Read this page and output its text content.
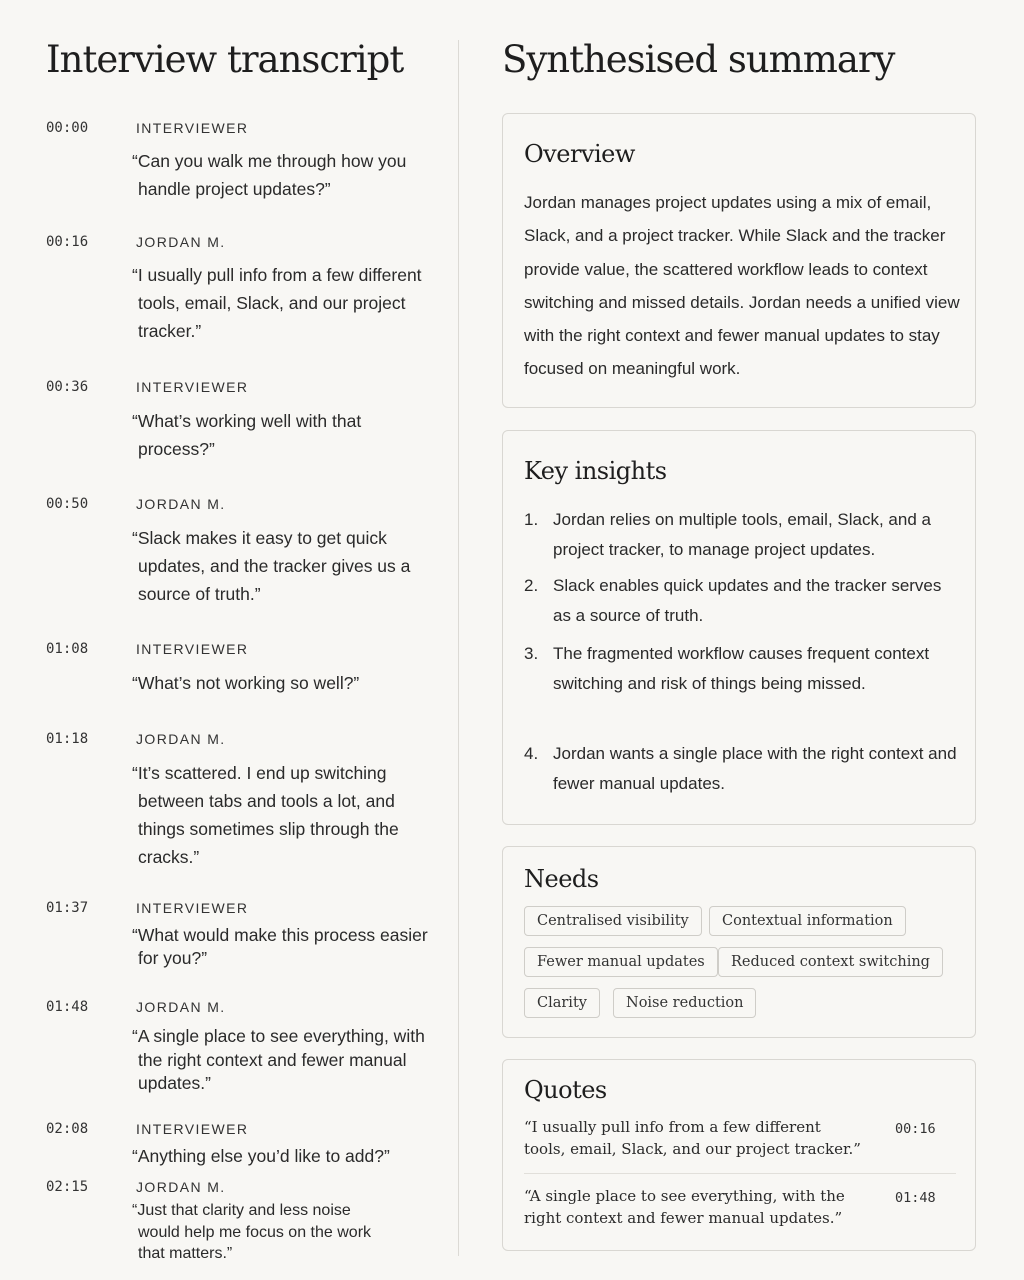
Interview transcript	Synthesised summary
00:00	INTERVIEWER
“Can you walk me through how you handle project updates?”
00:16	JORDAN M.
“I usually pull info from a few different tools, email, Slack, and our project tracker.”
00:36	INTERVIEWER
“What’s working well with that process?”
00:50	JORDAN M.
“Slack makes it easy to get quick updates, and the tracker gives us a source of truth.”
01:08	INTERVIEWER
“What’s not working so well?”
01:18	JORDAN M.
“It’s scattered. I end up switching between tabs and tools a lot, and things sometimes slip through the cracks.”
01:37	INTERVIEWER
“What would make this process easier for you?”
01:48	JORDAN M.
“A single place to see everything, with the right context and fewer manual updates.”
02:08	INTERVIEWER
“Anything else you’d like to add?”
02:15	JORDAN M.
“Just that clarity and less noise would help me focus on the work that matters.”
Overview

Jordan manages project updates using a mix of email, Slack, and a project tracker. While Slack and the tracker provide value, the scattered workflow leads to context switching and missed details. Jordan needs a unified view with the right context and fewer manual updates to stay focused on meaningful work.

Key insights
1. Jordan relies on multiple tools, email, Slack, and a project tracker, to manage project updates.
2. Slack enables quick updates and the tracker serves as a source of truth.
3. The fragmented workflow causes frequent context switching and risk of things being missed.
4. Jordan wants a single place with the right context and fewer manual updates.
Needs
Centralised visibility	Contextual information
Fewer manual updates	Reduced context switching
Clarity	Noise reduction
Quotes
“I usually pull info from a few different tools, email, Slack, and our project tracker.”
00:16
“A single place to see everything, with the right context and fewer manual updates.”
01:48
